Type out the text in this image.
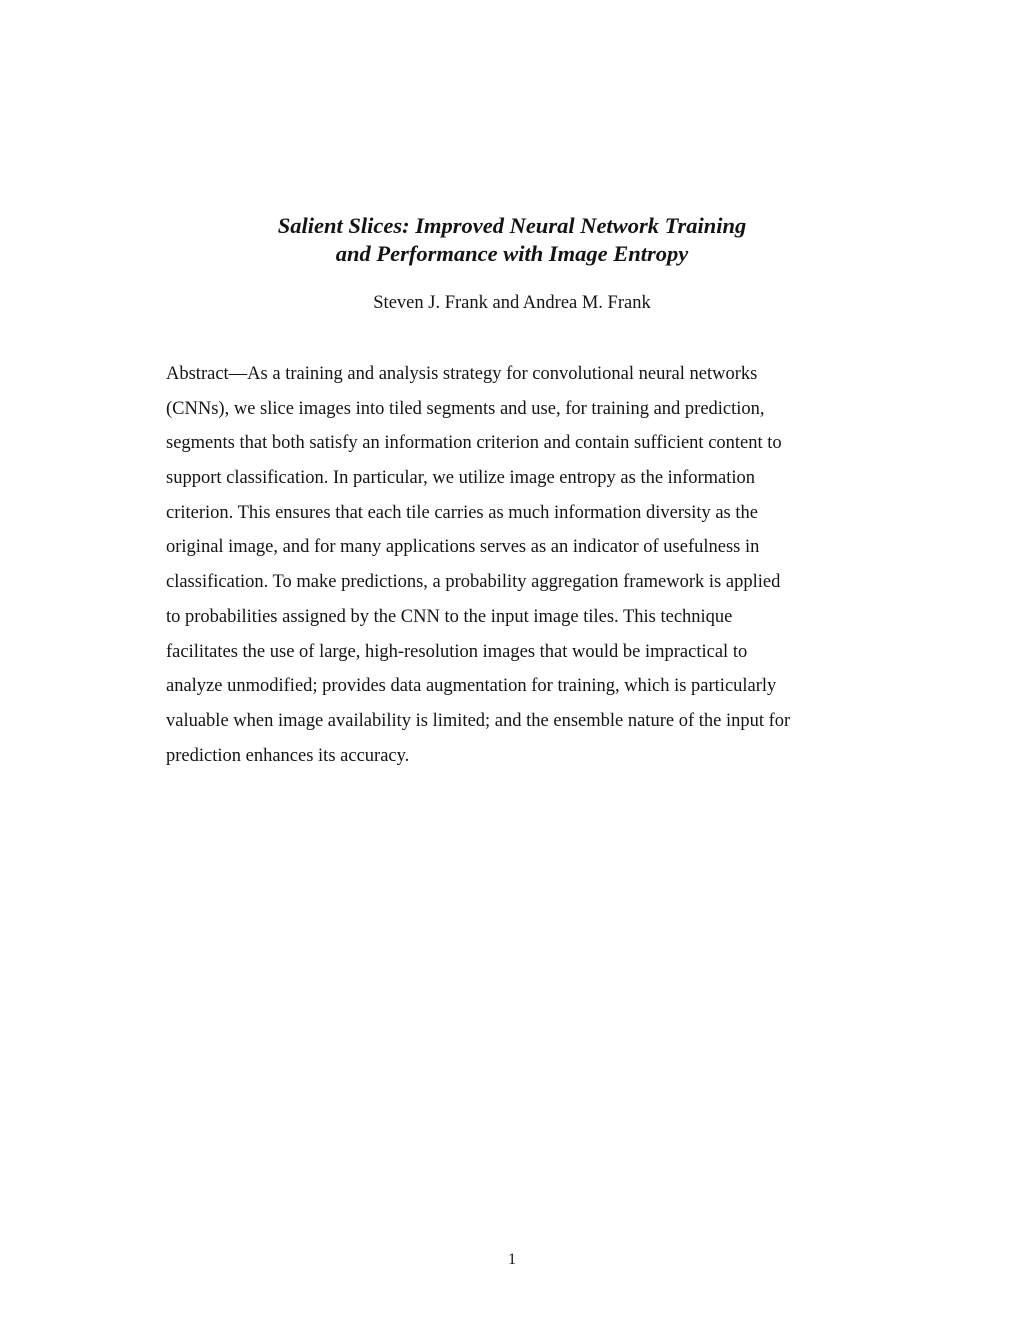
Salient Slices: Improved Neural Network Training
and Performance with Image Entropy

Steven J. Frank and Andrea M. Frank

Abstract—As a training and analysis strategy for convolutional neural networks
(CNNs), we slice images into tiled segments and use, for training and prediction,
segments that both satisfy an information criterion and contain sufficient content to
support classification. In particular, we utilize image entropy as the information
criterion. This ensures that each tile carries as much information diversity as the
original image, and for many applications serves as an indicator of usefulness in
classification. To make predictions, a probability aggregation framework is applied
to probabilities assigned by the CNN to the input image tiles. This technique
facilitates the use of large, high-resolution images that would be impractical to
analyze unmodified; provides data augmentation for training, which is particularly
valuable when image availability is limited; and the ensemble nature of the input for
prediction enhances its accuracy.

1
